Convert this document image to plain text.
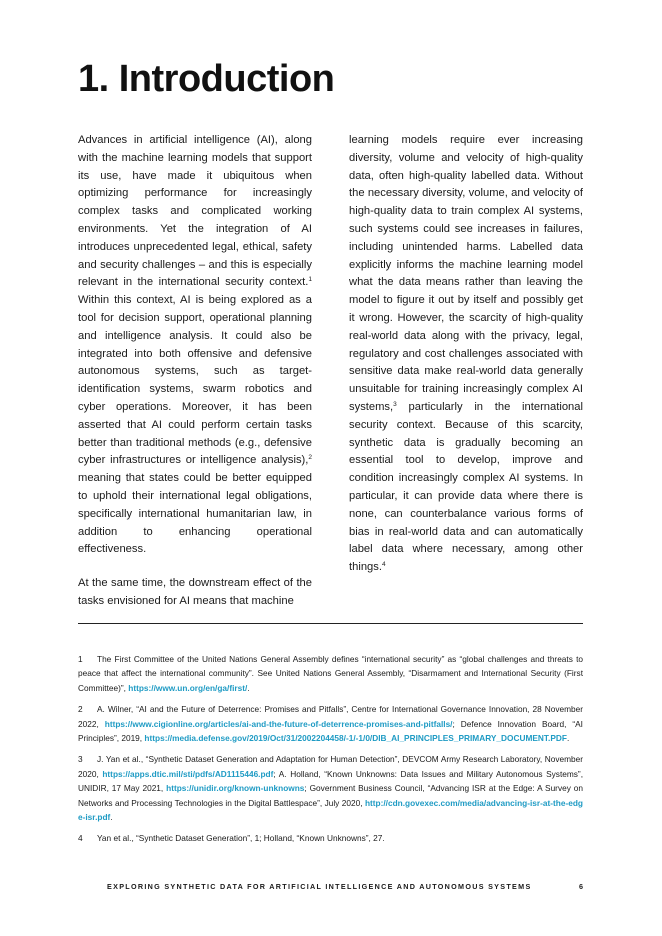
1. Introduction

Advances in artificial intelligence (AI), along with the machine learning models that support its use, have made it ubiquitous when optimizing performance for increasingly complex tasks and complicated working environments. Yet the integration of AI introduces unprecedented legal, ethical, safety and security challenges – and this is especially relevant in the international security context.$^1$ Within this context, AI is being explored as a tool for decision support, operational planning and intelligence analysis. It could also be integrated into both offensive and defensive autonomous systems, such as target-identification systems, swarm robotics and cyber operations. Moreover, it has been asserted that AI could perform certain tasks better than traditional methods (e.g., defensive cyber infrastructures or intelligence analysis),$^2$ meaning that states could be better equipped to uphold their international legal obligations, specifically international humanitarian law, in addition to enhancing operational effectiveness.

At the same time, the downstream effect of the tasks envisioned for AI means that machine

learning models require ever increasing diversity, volume and velocity of high-quality data, often high-quality labelled data. Without the necessary diversity, volume, and velocity of high-quality data to train complex AI systems, such systems could see increases in failures, including unintended harms. Labelled data explicitly informs the machine learning model what the data means rather than leaving the model to figure it out by itself and possibly get it wrong. However, the scarcity of high-quality real-world data along with the privacy, legal, regulatory and cost challenges associated with sensitive data make real-world data generally unsuitable for training increasingly complex AI systems,$^3$ particularly in the international security context. Because of this scarcity, synthetic data is gradually becoming an essential tool to develop, improve and condition increasingly complex AI systems. In particular, it can provide data where there is none, can counterbalance various forms of bias in real-world data and can automatically label data where necessary, among other things.$^4$

1 The First Committee of the United Nations General Assembly defines “international security” as “global challenges and threats to peace that affect the international community”. See United Nations General Assembly, “Disarmament and International Security (First Committee)”, https://www.un.org/en/ga/first/.

2 A. Wilner, “AI and the Future of Deterrence: Promises and Pitfalls”, Centre for International Governance Innovation, 28 November 2022, https://www.cigionline.org/articles/ai-and-the-future-of-deterrence-promises-and-pitfalls/; Defence Innovation Board, “AI Principles”, 2019, https://media.defense.gov/2019/Oct/31/2002204458/-1/-1/0/DIB_AI_PRINCIPLES_PRIMARY_DOCUMENT.PDF.

3 J. Yan et al., “Synthetic Dataset Generation and Adaptation for Human Detection”, DEVCOM Army Research Laboratory, November 2020, https://apps.dtic.mil/sti/pdfs/AD1115446.pdf; A. Holland, “Known Unknowns: Data Issues and Military Autonomous Systems”, UNIDIR, 17 May 2021, https://unidir.org/known-unknowns; Government Business Council, “Advancing ISR at the Edge: A Survey on Networks and Processing Technologies in the Digital Battlespace”, July 2020, http://cdn.govexec.com/media/advancing-isr-at-the-edge-isr.pdf.

4 Yan et al., “Synthetic Dataset Generation”, 1; Holland, “Known Unknowns”, 27.

EXPLORING SYNTHETIC DATA FOR ARTIFICIAL INTELLIGENCE AND AUTONOMOUS SYSTEMS	6
